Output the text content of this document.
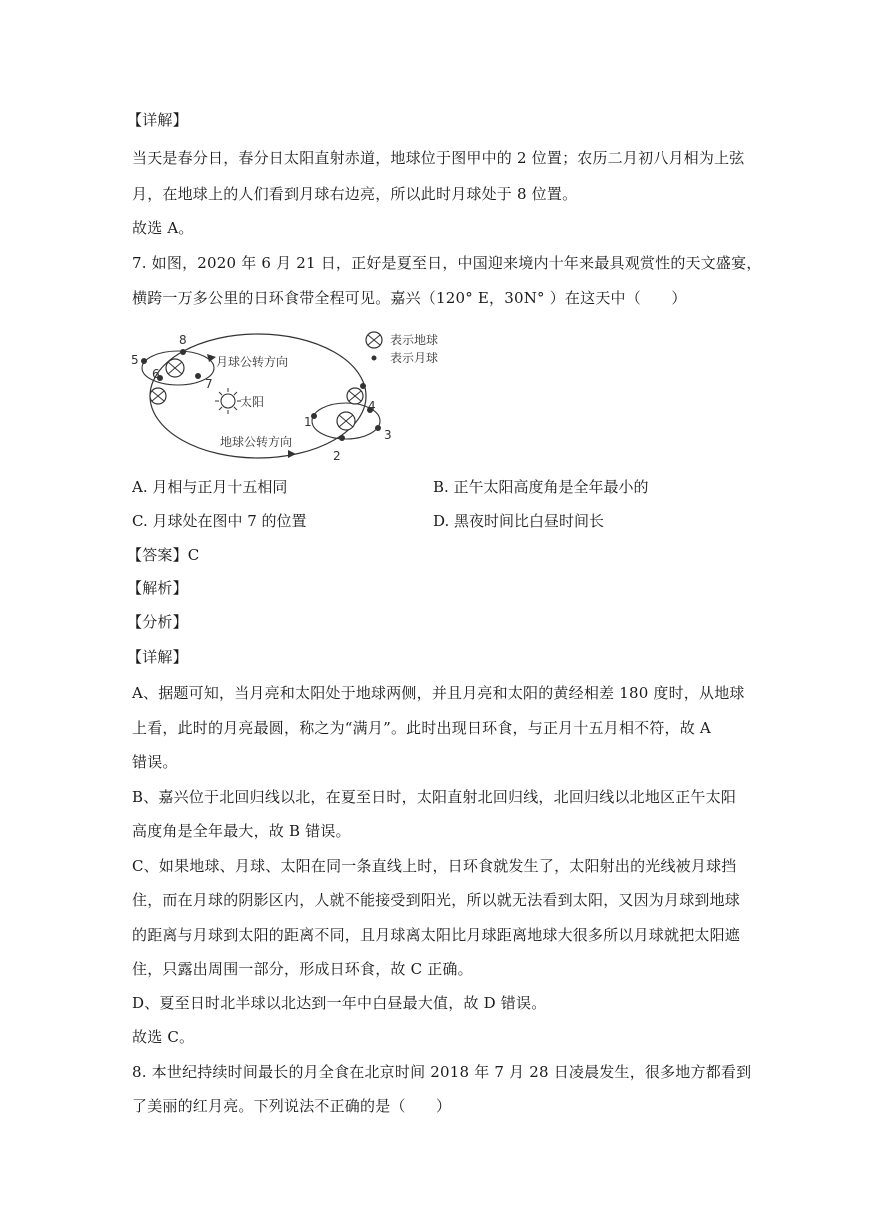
【详解】
当天是春分日，春分日太阳直射赤道，地球位于图甲中的 2 位置；农历二月初八月相为上弦
月，在地球上的人们看到月球右边亮，所以此时月球处于 8 位置。
故选 A。
7. 如图，2020 年 6 月 21 日，正好是夏至日，中国迎来境内十年来最具观赏性的天文盛宴，
横跨一万多公里的日环食带全程可见。嘉兴（120° E，30N° ）在这天中（　　）
太阳
月球公转方向
地球公转方向
5
8
6
7
1
4
3
2
表示地球
表示月球
A. 月相与正月十五相同	B. 正午太阳高度角是全年最小的
C. 月球处在图中 7 的位置	D. 黑夜时间比白昼时间长
【答案】C
【解析】
【分析】
【详解】
A、据题可知，当月亮和太阳处于地球两侧，并且月亮和太阳的黄经相差 180 度时，从地球
上看，此时的月亮最圆，称之为“满月”。此时出现日环食，与正月十五月相不符，故 A
错误。
B、嘉兴位于北回归线以北，在夏至日时，太阳直射北回归线，北回归线以北地区正午太阳
高度角是全年最大，故 B 错误。
C、如果地球、月球、太阳在同一条直线上时，日环食就发生了，太阳射出的光线被月球挡
住，而在月球的阴影区内，人就不能接受到阳光，所以就无法看到太阳，又因为月球到地球
的距离与月球到太阳的距离不同，且月球离太阳比月球距离地球大很多所以月球就把太阳遮
住，只露出周围一部分，形成日环食，故 C 正确。
D、夏至日时北半球以北达到一年中白昼最大值，故 D 错误。
故选 C。
8. 本世纪持续时间最长的月全食在北京时间 2018 年 7 月 28 日凌晨发生，很多地方都看到
了美丽的红月亮。下列说法不正确的是（　　）
